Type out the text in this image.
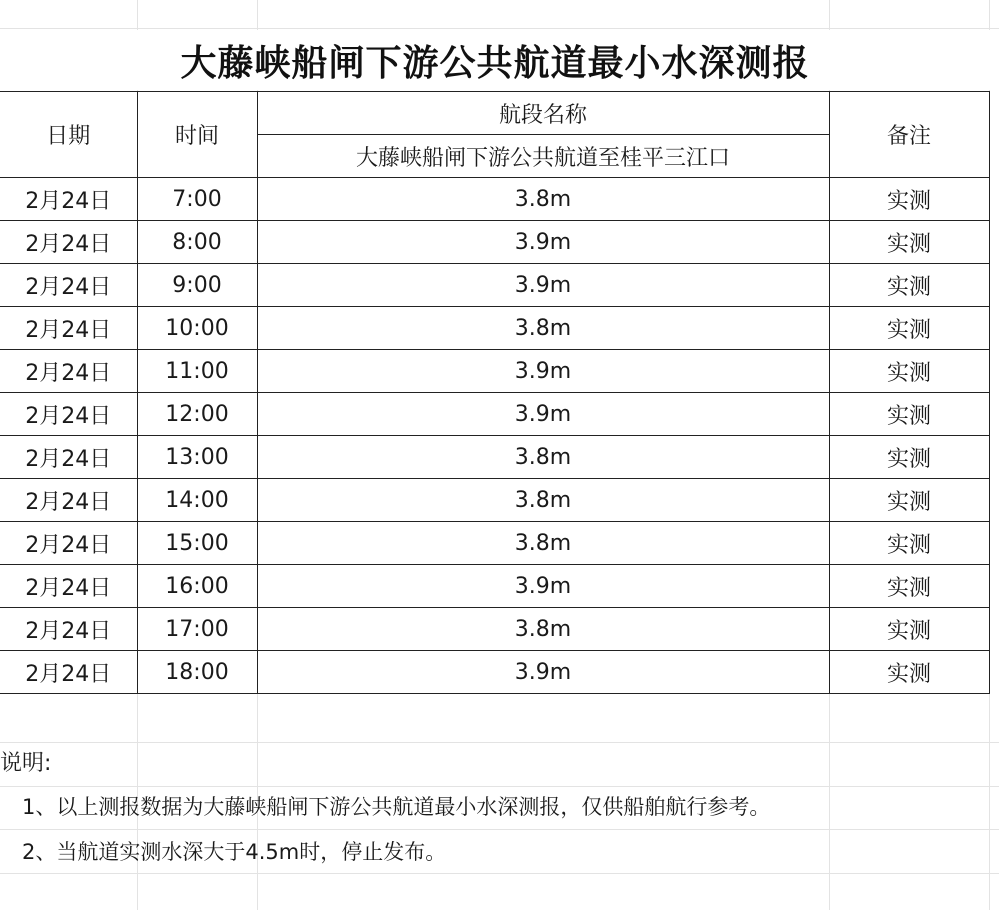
大藤峡船闸下游公共航道最小水深测报
日期	时间	航段名称	备注
		大藤峡船闸下游公共航道至桂平三江口	
2月24日	7:00	3.8m	实测
2月24日	8:00	3.9m	实测
2月24日	9:00	3.9m	实测
2月24日	10:00	3.8m	实测
2月24日	11:00	3.9m	实测
2月24日	12:00	3.9m	实测
2月24日	13:00	3.8m	实测
2月24日	14:00	3.8m	实测
2月24日	15:00	3.8m	实测
2月24日	16:00	3.9m	实测
2月24日	17:00	3.8m	实测
2月24日	18:00	3.9m	实测
说明:
1、以上测报数据为大藤峡船闸下游公共航道最小水深测报，仅供船舶航行参考。
2、当航道实测水深大于4.5m时，停止发布。
